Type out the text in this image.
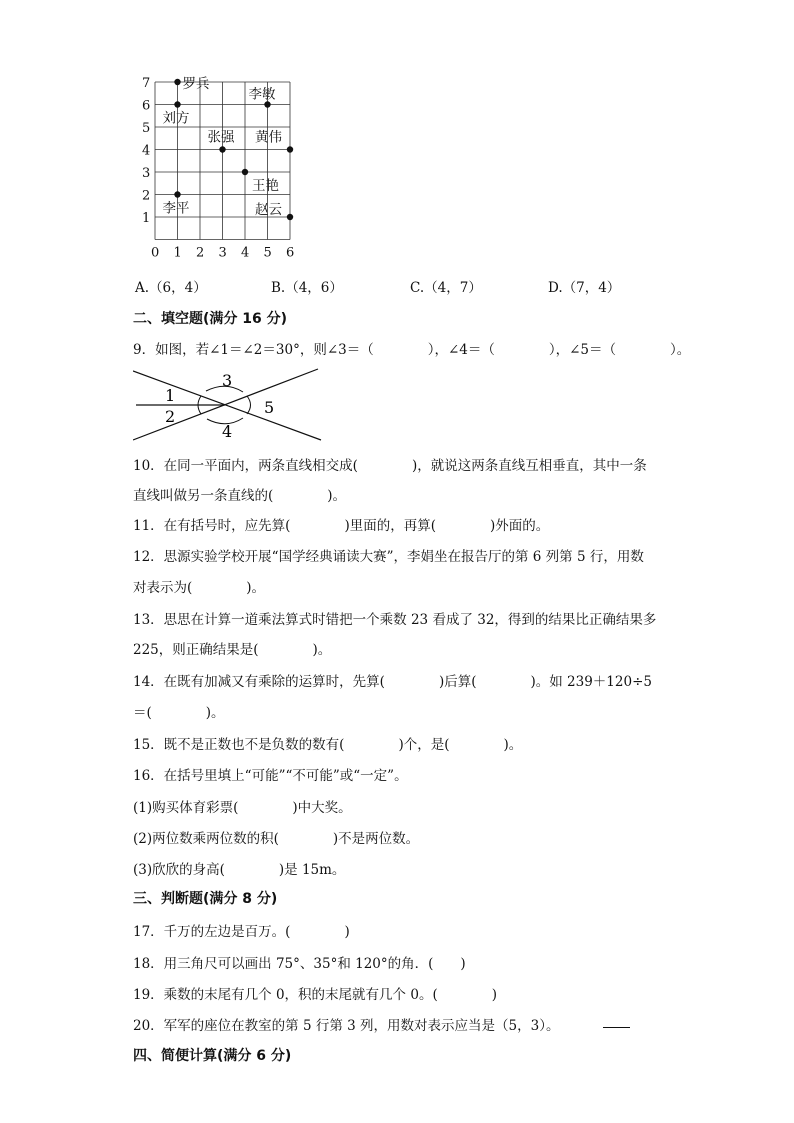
0 1 2 3 4 5 6
1
2
3
4
5
6
7 罗兵
李敏
刘方
张强 黄伟
王艳
李平	赵云
A.（6，4）	B.（4，6）	C.（4，7）	D.（7，4）
二、填空题(满分 16 分)
9．如图，若∠1＝∠2＝30°，则∠3＝（　　　　），∠4＝（　　　　），∠5＝（　　　　）。
1
2
3
4
5
10．在同一平面内，两条直线相交成(　　　　)，就说这两条直线互相垂直，其中一条
直线叫做另一条直线的(　　　　)。
11．在有括号时，应先算(　　　　)里面的，再算(　　　　)外面的。
12．思源实验学校开展“国学经典诵读大赛”，李娟坐在报告厅的第 6 列第 5 行，用数
对表示为(　　　　)。
13．思思在计算一道乘法算式时错把一个乘数 23 看成了 32，得到的结果比正确结果多
225，则正确结果是(　　　　)。
14．在既有加减又有乘除的运算时，先算(　　　　)后算(　　　　)。如 239＋120÷5
＝(　　　　)。
15．既不是正数也不是负数的数有(　　　　)个，是(　　　　)。
16．在括号里填上“可能”“不可能”或“一定”。
(1)购买体育彩票(　　　　)中大奖。
(2)两位数乘两位数的积(　　　　)不是两位数。
(3)欣欣的身高(　　　　)是 15m。
三、判断题(满分 8 分)
17．千万的左边是百万。(　　　　)
18．用三角尺可以画出 75°、35°和 120°的角．(　　)
19．乘数的末尾有几个 0，积的末尾就有几个 0。(　　　　)
20．军军的座位在教室的第 5 行第 3 列，用数对表示应当是（5，3）。
四、简便计算(满分 6 分)
